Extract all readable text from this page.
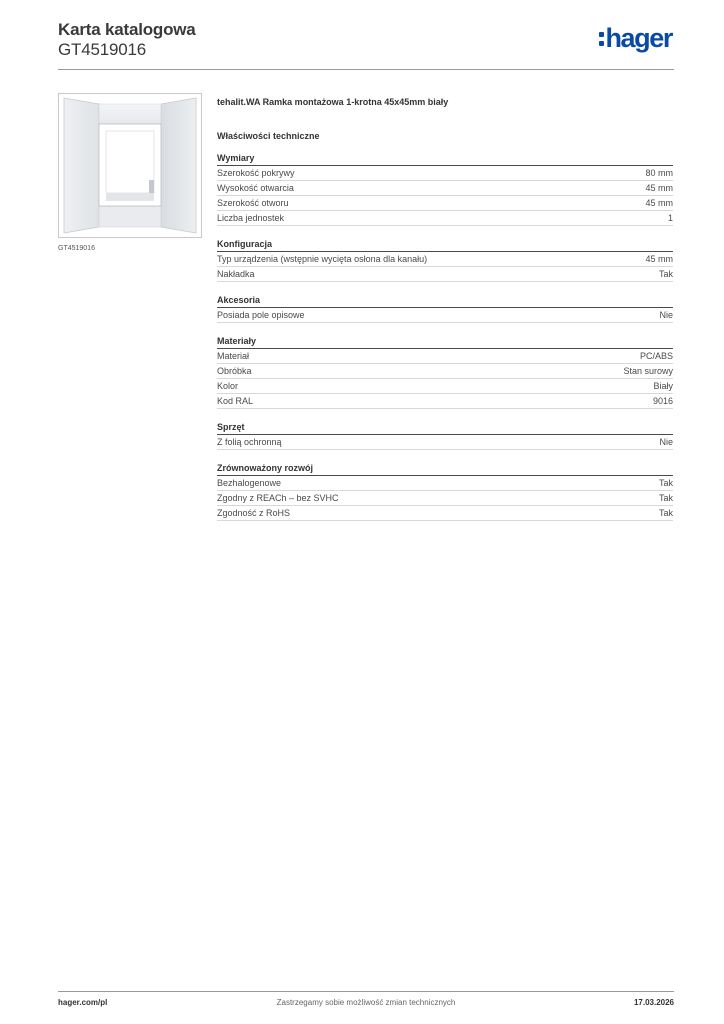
Karta katalogowa
GT4519016	hager
GT4519016
tehalit.WA Ramka montażowa 1-krotna 45x45mm biały
Właściwości techniczne
Wymiary
Szerokość pokrywy	80 mm
Wysokość otwarcia	45 mm
Szerokość otworu	45 mm
Liczba jednostek	1
Konfiguracja
Typ urządzenia (wstępnie wycięta osłona dla kanału)	45 mm
Nakładka	Tak
Akcesoria
Posiada pole opisowe	Nie
Materiały
Materiał	PC/ABS
Obróbka	Stan surowy
Kolor	Biały
Kod RAL	9016
Sprzęt
Z folią ochronną	Nie
Zrównoważony rozwój
Bezhalogenowe	Tak
Zgodny z REACh – bez SVHC	Tak
Zgodność z RoHS	Tak
hager.com/pl	Zastrzegamy sobie możliwość zmian technicznych	17.03.2026
